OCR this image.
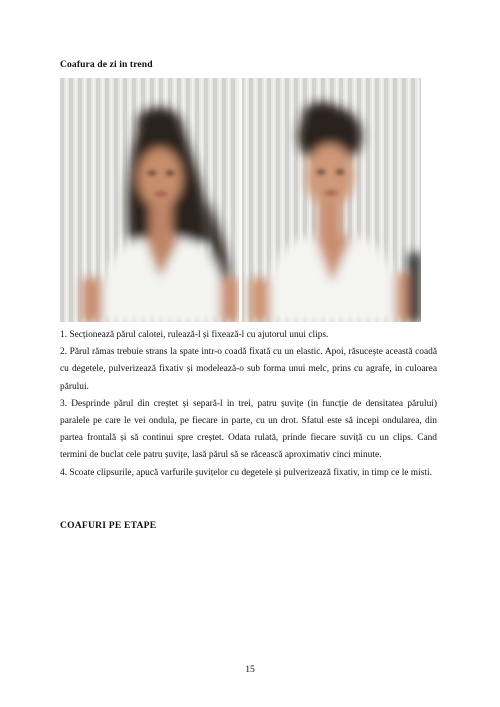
Coafura de zi in trend

1. Secționează părul calotei, rulează-l și fixează-l cu ajutorul unui clips.

2. Părul rămas trebuie strans la spate intr-o coadă fixată cu un elastic. Apoi, răsucește această coadă cu degetele, pulverizează fixativ și modelează-o sub forma unui melc, prins cu agrafe, in culoarea părului.

3. Desprinde părul din creștet și separă-l in trei, patru șuvițe (in funcție de densitatea părului) paralele pe care le vei ondula, pe fiecare in parte, cu un drot. Sfatul este să incepi ondularea, din partea frontală și să continui spre creștet. Odata rulată, prinde fiecare suviță cu un clips. Cand termini de buclat cele patru șuvițe, lasă părul să se răcească aproximativ cinci minute.

4. Scoate clipsurile, apucă varfurile șuvițelor cu degetele și pulverizează fixativ, in timp ce le misti.

COAFURI PE ETAPE
15
